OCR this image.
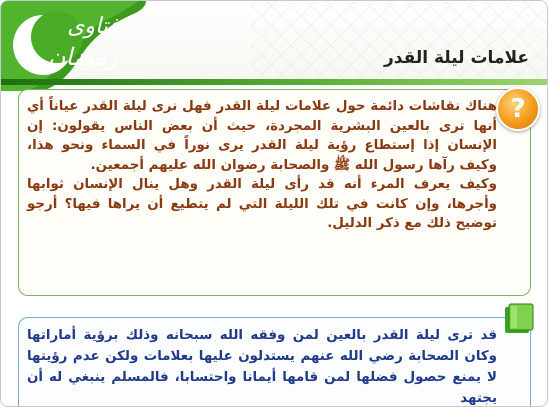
فتاوى
رمضان	علامات ليلة القدر
?

هناك نقاشات دائمة حول علامات ليلة القدر فهل نرى ليلة القدر عياناً أي أنها ترى بالعين البشرية المجردة، حيث أن بعض الناس يقولون: إن الإنسان إذا إستطاع رؤية ليلة القدر يرى نوراً في السماء ونحو هذا، وكيف رآها رسول الله ﷺ والصحابة رضوان الله عليهم أجمعين.

وكيف يعرف المرء أنه قد رأى ليلة القدر وهل ينال الإنسان ثوابها وأجرها، وإن كانت في تلك الليلة التي لم يتطيع أن يراها فيها؟ أرجو توضيح ذلك مع ذكر الدليل.

قد ترى ليلة القدر بالعين لمن وفقه الله سبحانه وذلك برؤية أماراتها وكان الصحابة رضي الله عنهم يستدلون عليها بعلامات ولكن عدم رؤيتها لا يمنع حصول فضلها لمن قامها أيمانا واحتسابا، فالمسلم ينبغي له أن يجتهد
